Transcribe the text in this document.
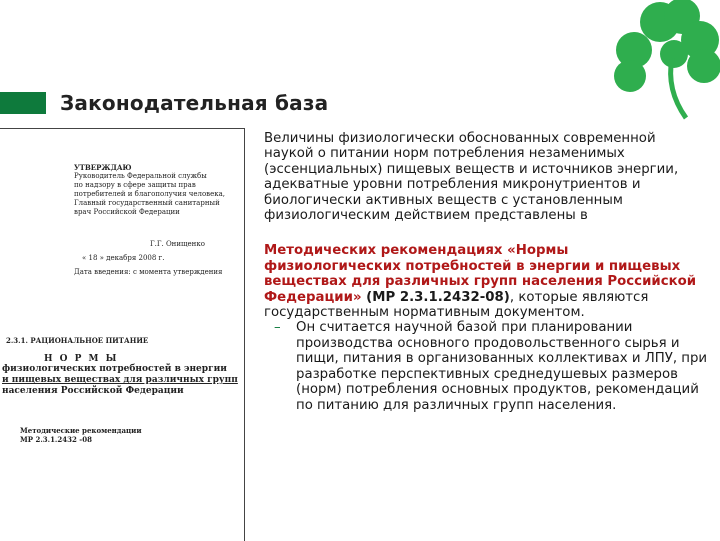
Законодательная база
УТВЕРЖДАЮ
Руководитель Федеральной службы
по надзору в сфере защиты прав
потребителей и благополучия человека,
Главный государственный санитарный
врач Российской Федерации
Г.Г. Онищенко
« 18 » декабря 2008 г.
Дата введения: с момента утверждения
2.3.1. РАЦИОНАЛЬНОЕ ПИТАНИЕ
Н О Р М Ы
физиологических потребностей в энергии
и пищевых веществах для различных групп
населения Российской Федерации
Методические рекомендации
МР 2.3.1.2432 -08

Величины физиологически обоснованных современной наукой о питании норм потребления незаменимых (эссенциальных) пищевых веществ и источников энергии, адекватные уровни потребления микронутриентов и биологически активных веществ с установленным физиологическим действием представлены в

Методических рекомендациях «Нормы физиологических потребностей в энергии и пищевых веществах для различных групп населения Российской Федерации» (МР 2.3.1.2432-08), которые являются государственным нормативным документом.

– Он считается научной базой при планировании производства основного продовольственного сырья и пищи, питания в организованных коллективах и ЛПУ, при разработке перспективных среднедушевых размеров (норм) потребления основных продуктов, рекомендаций по питанию для различных групп населения.
